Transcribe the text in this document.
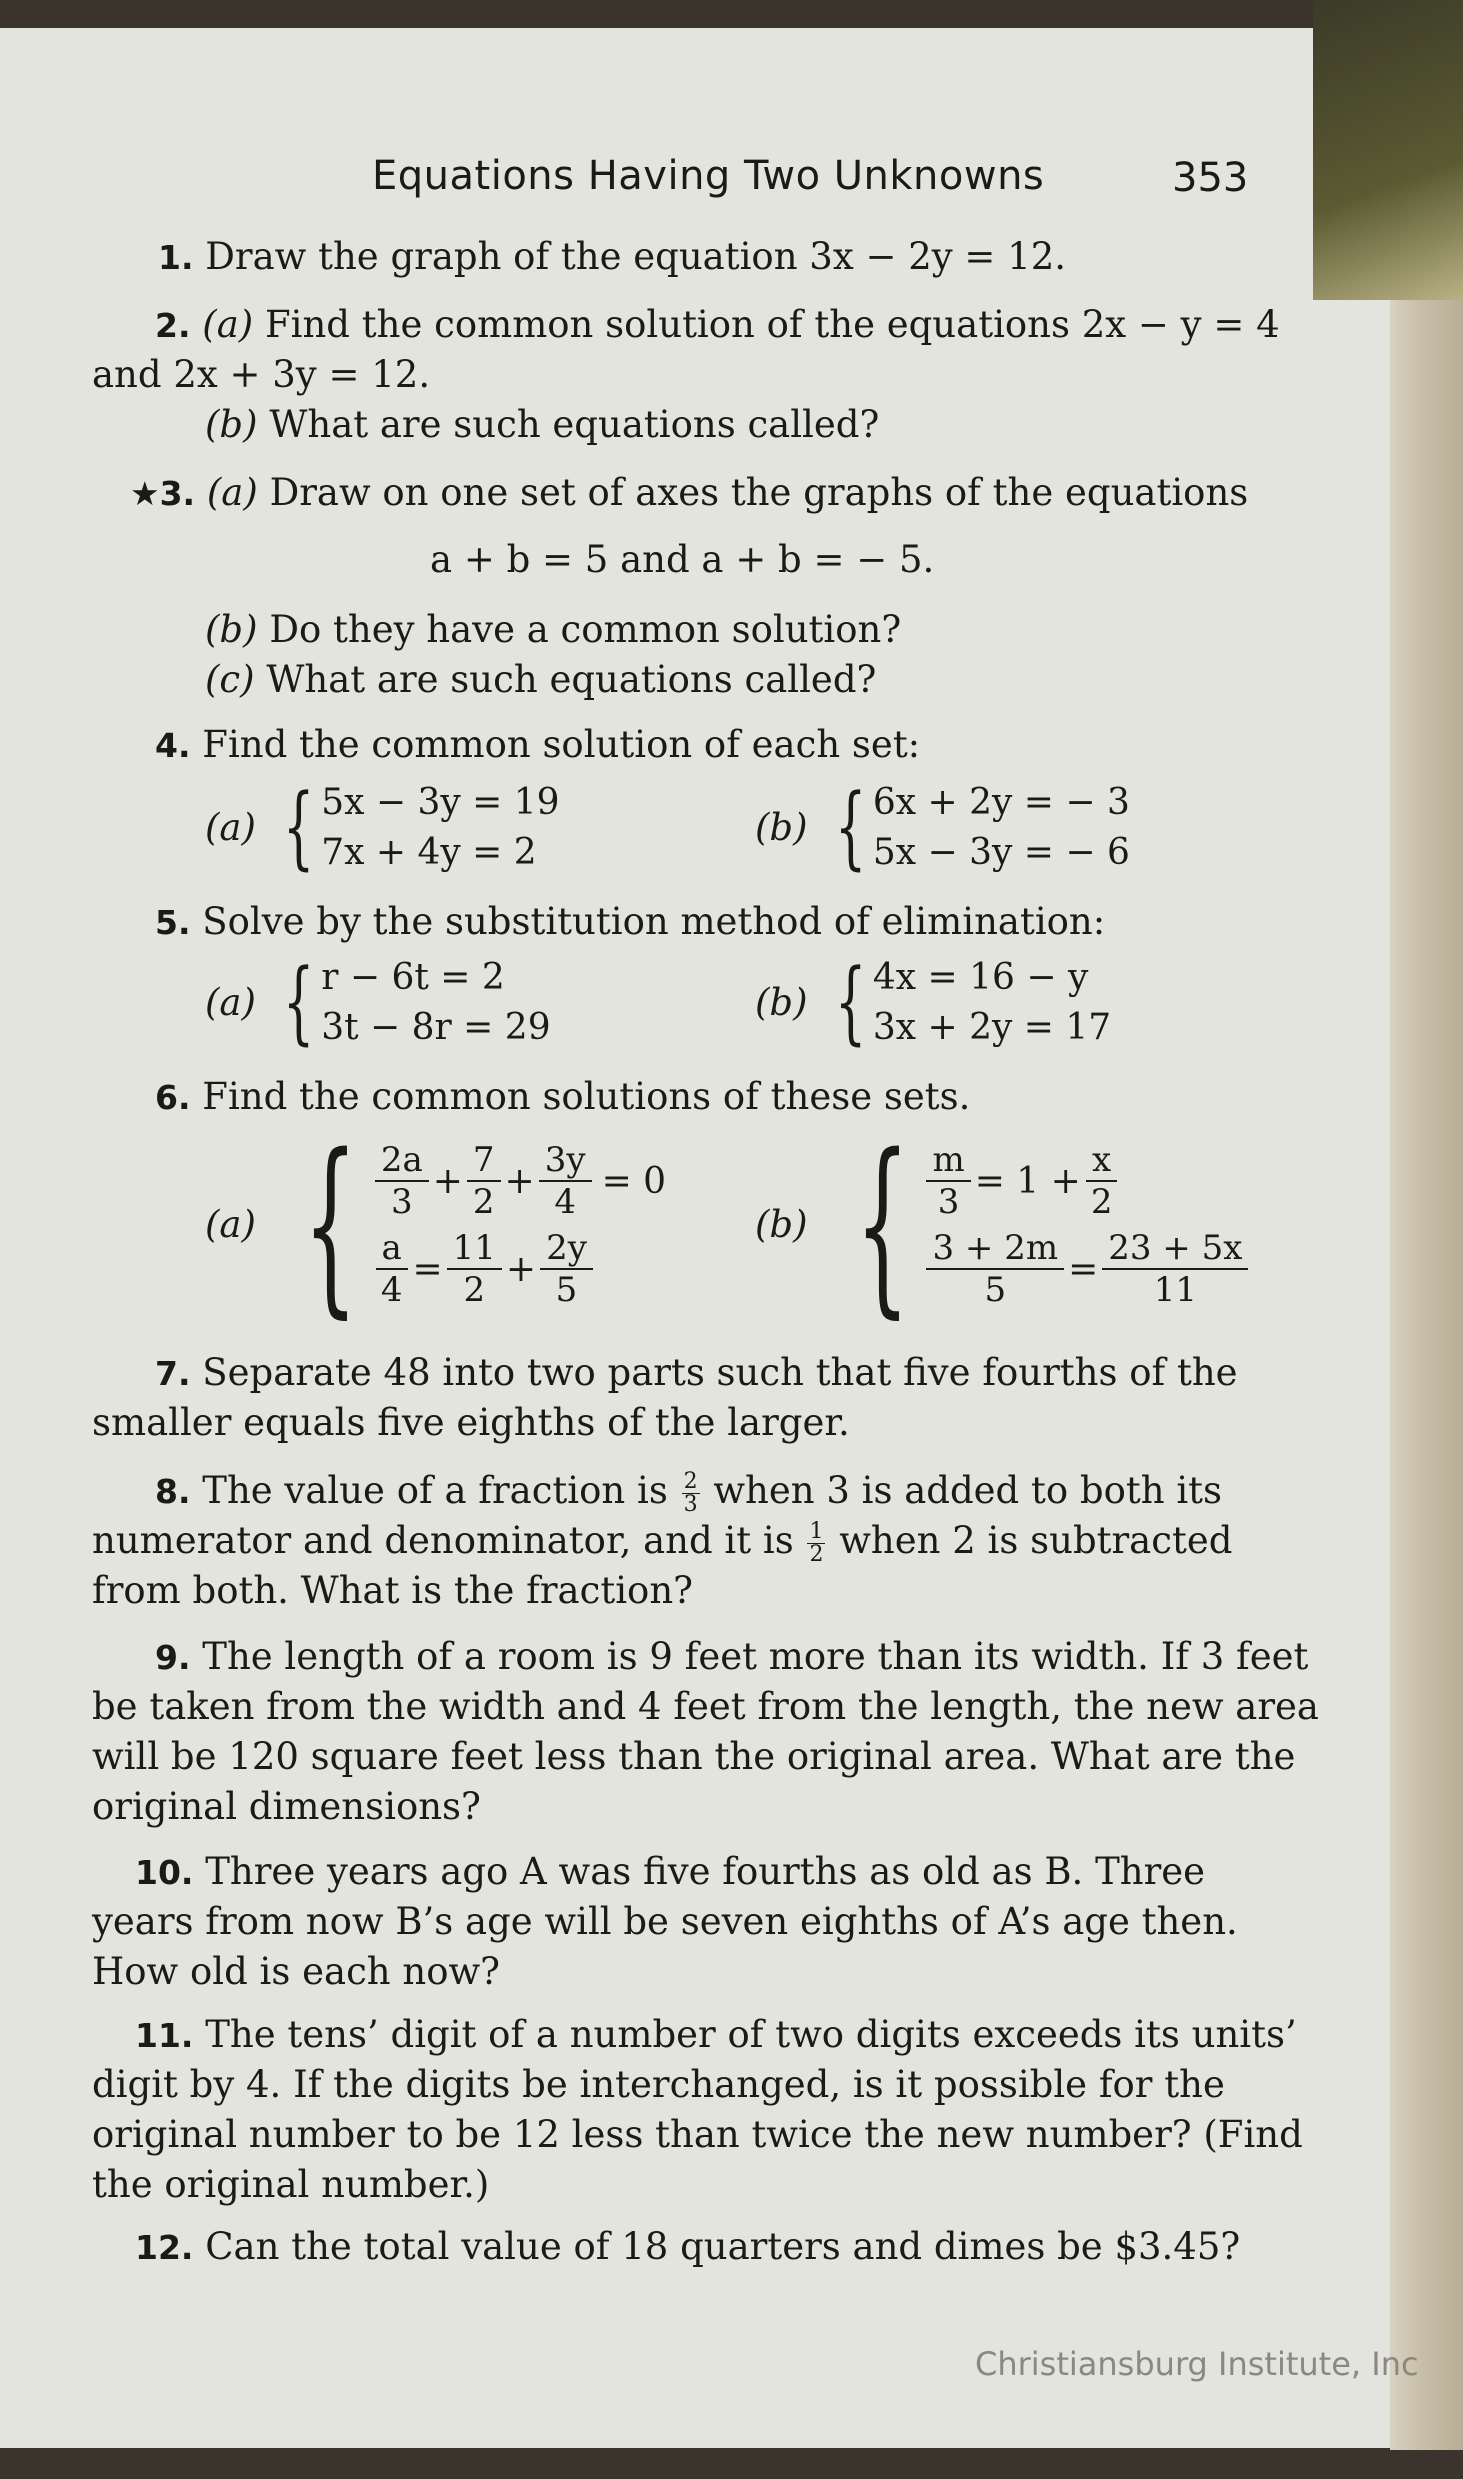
Equations Having Two Unknowns	353
1. Draw the graph of the equation 3x − 2y = 12.
2. (a) Find the common solution of the equations 2x − y = 4
and 2x + 3y = 12.
(b) What are such equations called?
★3. (a) Draw on one set of axes the graphs of the equations
a + b = 5 and a + b = − 5.
(b) Do they have a common solution?
(c) What are such equations called?
4. Find the common solution of each set:
(a) { 5x − 3y = 19
7x + 4y = 2
(b) { 6x + 2y = − 3
5x − 3y = − 6
5. Solve by the substitution method of elimination:
(a) { r − 6t = 2
3t − 8r = 29
(b) { 4x = 16 − y
3x + 2y = 17
6. Find the common solutions of these sets.
(a) { $\frac{2a}{3} + \frac{7}{2} + \frac{3y}{4} = 0$
$\frac{a}{4} = \frac{11}{2} + \frac{2y}{5}$
(b) { $\frac{m}{3} = 1 + \frac{x}{2}$
$\frac{3 + 2m}{5} = \frac{23 + 5x}{11}$
7. Separate 48 into two parts such that five fourths of the
smaller equals five eighths of the larger.
8. The value of a fraction is $\frac{2}{3}$ when 3 is added to both its
numerator and denominator, and it is $\frac{1}{2}$ when 2 is subtracted
from both. What is the fraction?
9. The length of a room is 9 feet more than its width. If 3 feet
be taken from the width and 4 feet from the length, the new area
will be 120 square feet less than the original area. What are the
original dimensions?
10. Three years ago A was five fourths as old as B. Three
years from now B’s age will be seven eighths of A’s age then.
How old is each now?
11. The tens’ digit of a number of two digits exceeds its units’
digit by 4. If the digits be interchanged, is it possible for the
original number to be 12 less than twice the new number? (Find
the original number.)
12. Can the total value of 18 quarters and dimes be $3.45?
Christiansburg Institute, Inc
